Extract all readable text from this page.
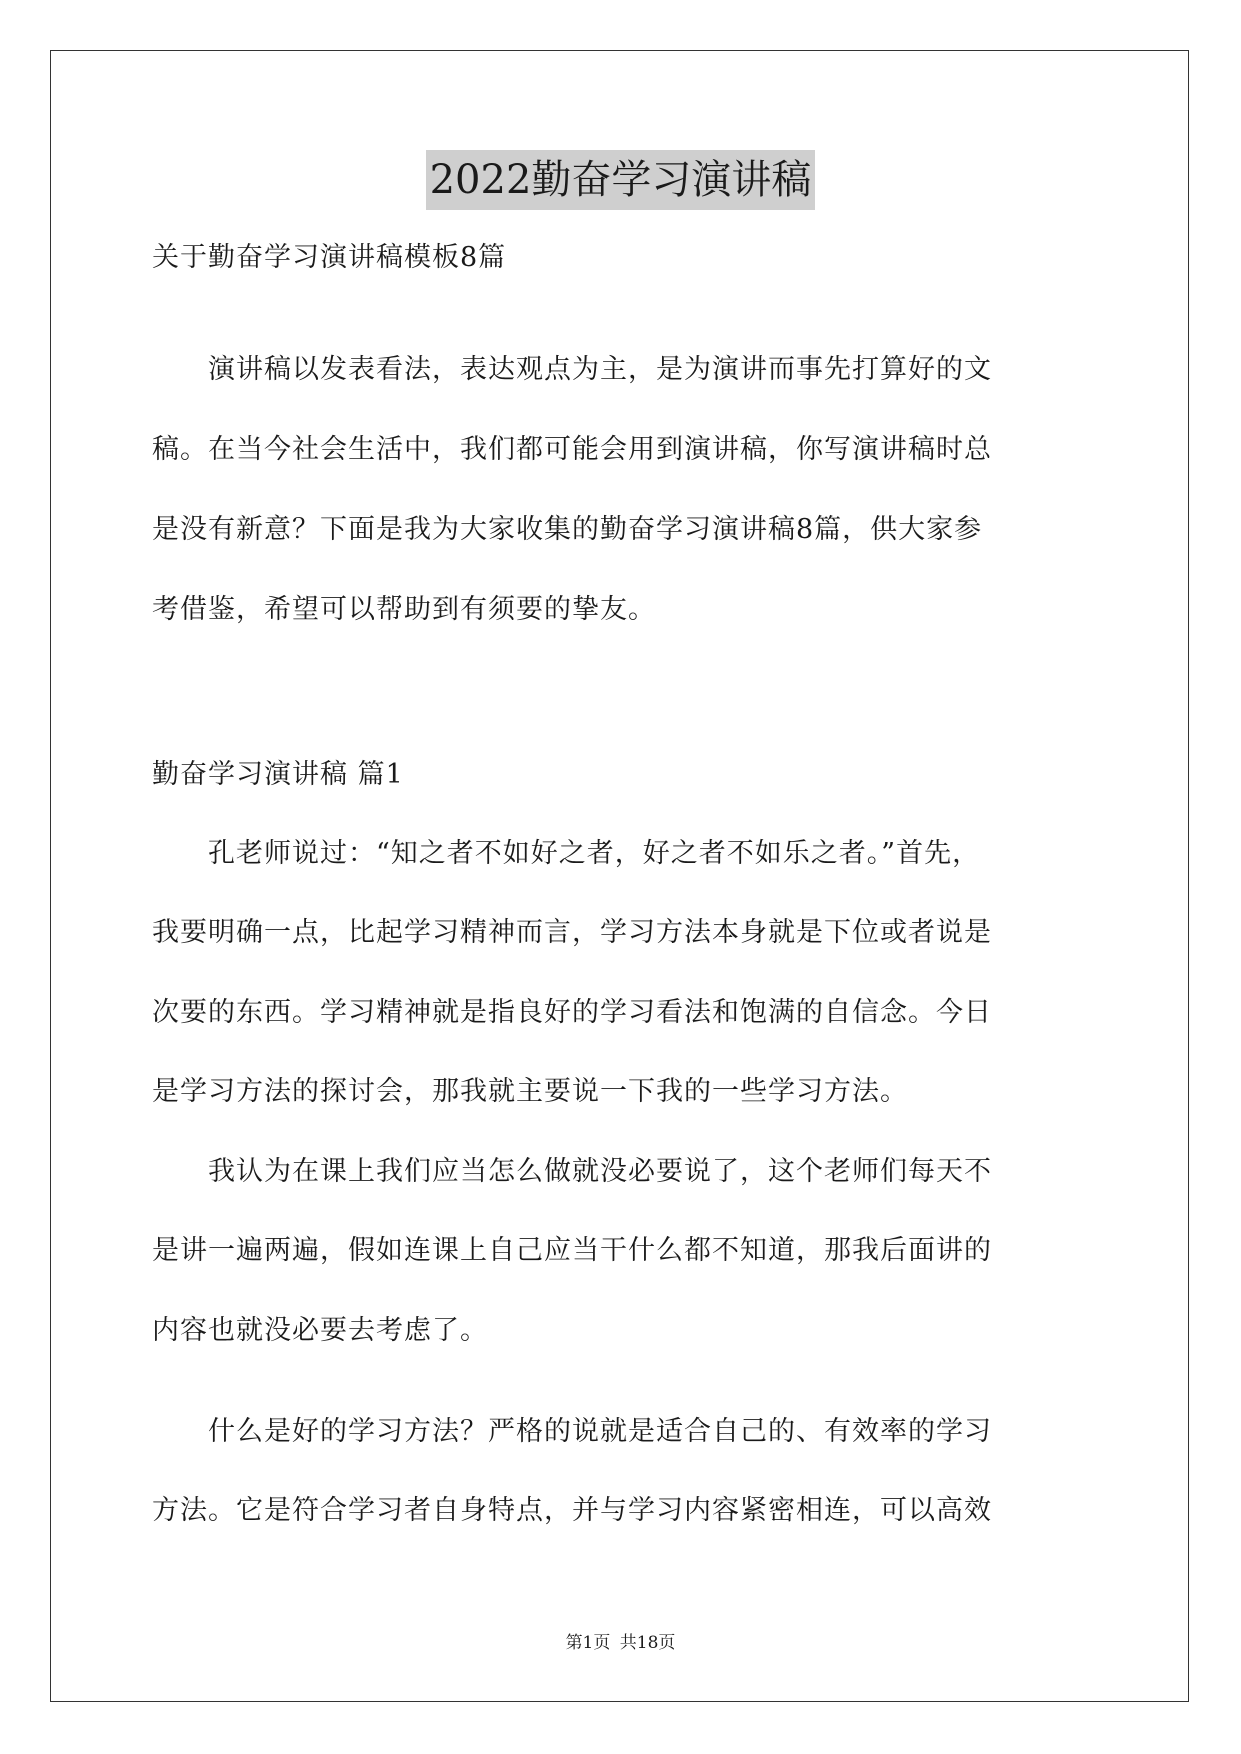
2022勤奋学习演讲稿
关于勤奋学习演讲稿模板8篇
　　演讲稿以发表看法，表达观点为主，是为演讲而事先打算好的文
稿。在当今社会生活中，我们都可能会用到演讲稿，你写演讲稿时总
是没有新意？下面是我为大家收集的勤奋学习演讲稿8篇，供大家参
考借鉴，希望可以帮助到有须要的挚友。
勤奋学习演讲稿 篇1
　　孔老师说过：“知之者不如好之者，好之者不如乐之者。”首先，
我要明确一点，比起学习精神而言，学习方法本身就是下位或者说是
次要的东西。学习精神就是指良好的学习看法和饱满的自信念。今日
是学习方法的探讨会，那我就主要说一下我的一些学习方法。
　　我认为在课上我们应当怎么做就没必要说了，这个老师们每天不
是讲一遍两遍，假如连课上自己应当干什么都不知道，那我后面讲的
内容也就没必要去考虑了。
　　什么是好的学习方法？严格的说就是适合自己的、有效率的学习
方法。它是符合学习者自身特点，并与学习内容紧密相连，可以高效
第1页 共18页
